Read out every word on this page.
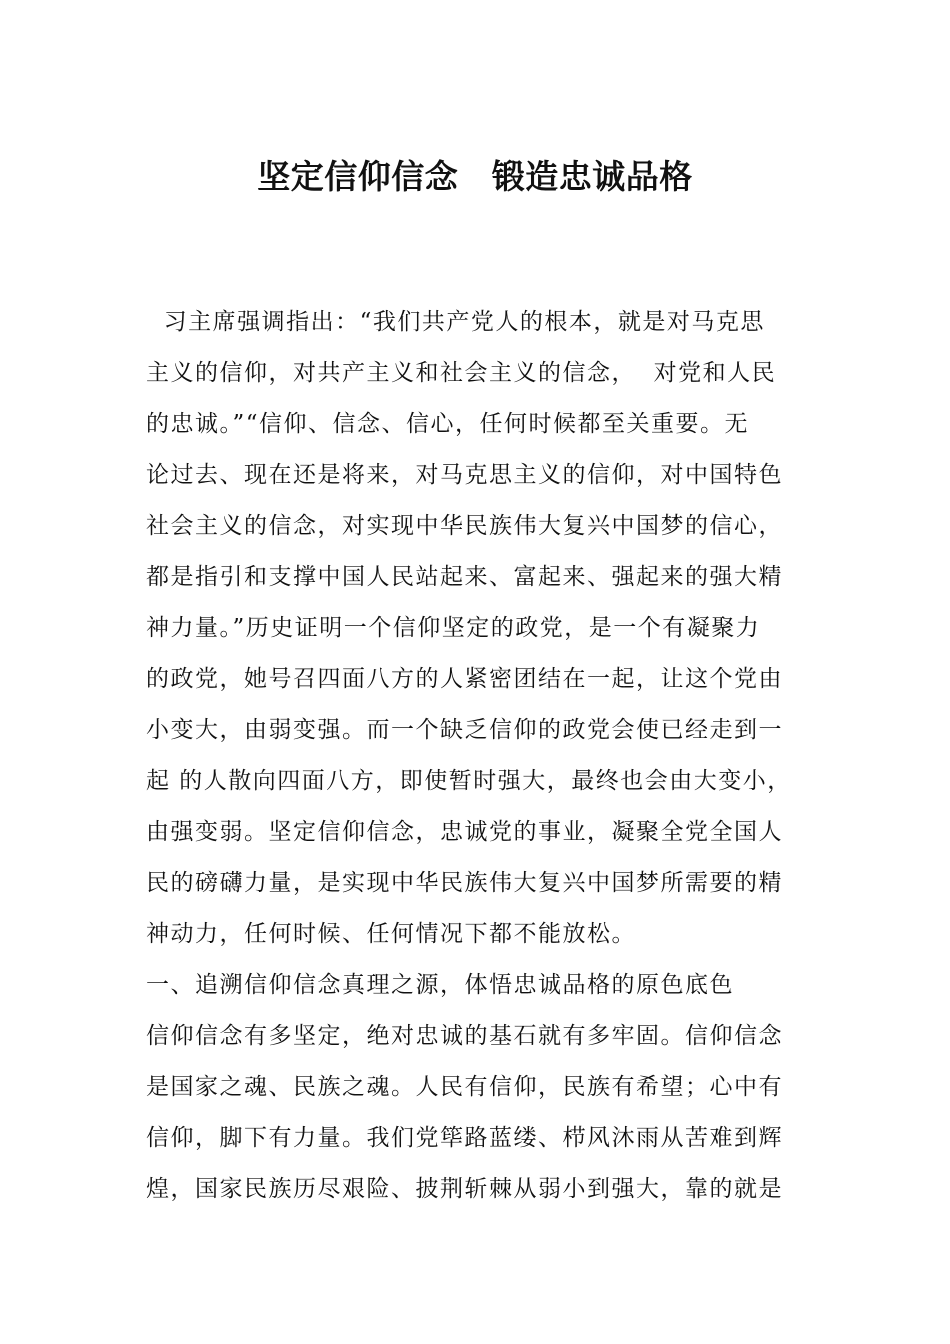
坚定信仰信念　锻造忠诚品格
习主席强调指出：“我们共产党人的根本，就是对马克思
主义的信仰，对共产主义和社会主义的信念，  对党和人民
的忠诚。”“信仰、信念、信心，任何时候都至关重要。无
论过去、现在还是将来，对马克思主义的信仰，对中国特色
社会主义的信念，对实现中华民族伟大复兴中国梦的信心，
都是指引和支撑中国人民站起来、富起来、强起来的强大精
神力量。”历史证明一个信仰坚定的政党，是一个有凝聚力
的政党，她号召四面八方的人紧密团结在一起，让这个党由
小变大，由弱变强。而一个缺乏信仰的政党会使已经走到一
起 的人散向四面八方，即使暂时强大，最终也会由大变小，
由强变弱。坚定信仰信念，忠诚党的事业，凝聚全党全国人
民的磅礴力量，是实现中华民族伟大复兴中国梦所需要的精
神动力，任何时候、任何情况下都不能放松。
一、追溯信仰信念真理之源，体悟忠诚品格的原色底色
信仰信念有多坚定，绝对忠诚的基石就有多牢固。信仰信念
是国家之魂、民族之魂。人民有信仰，民族有希望；心中有
信仰，脚下有力量。我们党筚路蓝缕、栉风沐雨从苦难到辉
煌，国家民族历尽艰险、披荆斩棘从弱小到强大，靠的就是
